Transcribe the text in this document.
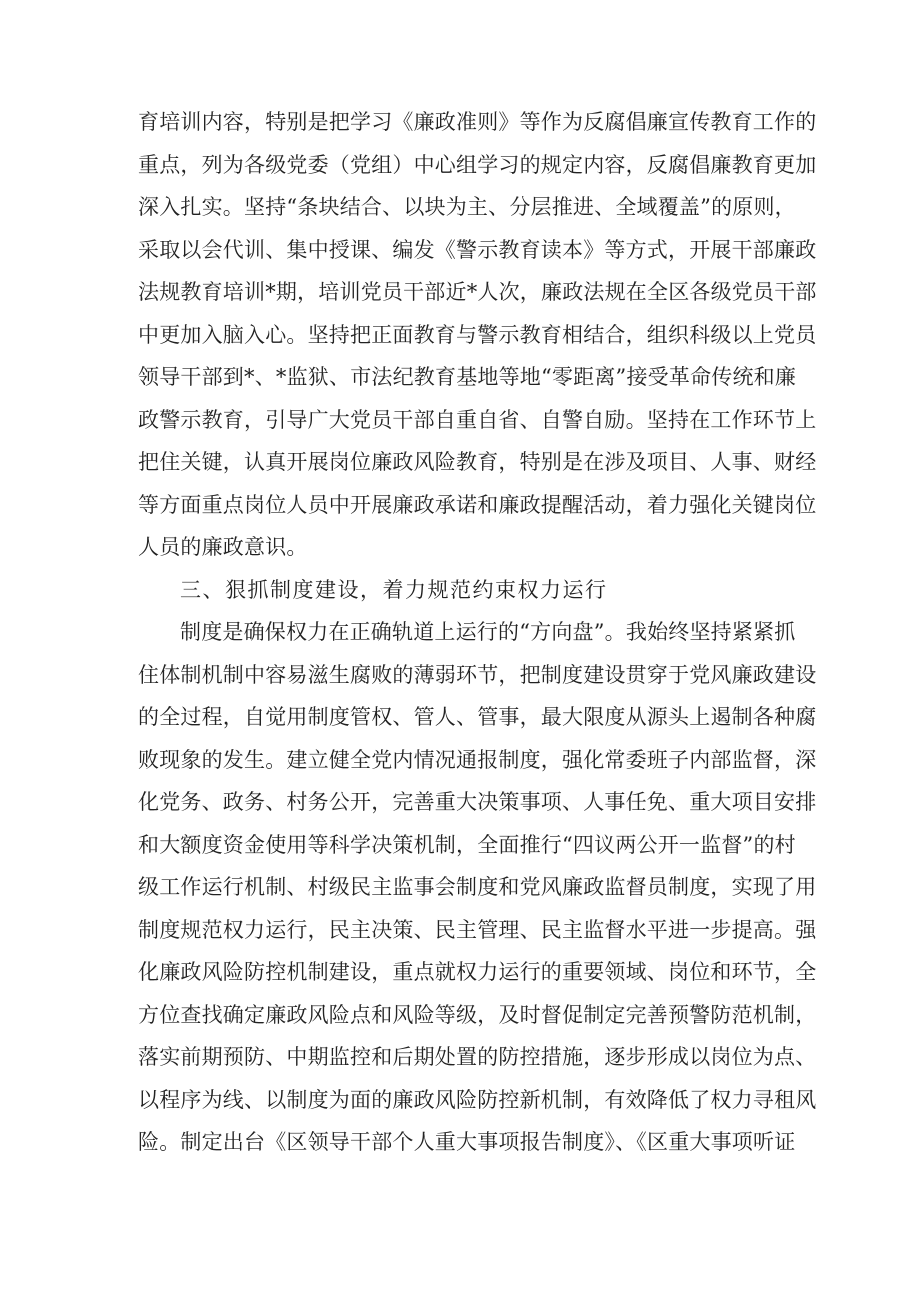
育培训内容，特别是把学习《廉政准则》等作为反腐倡廉宣传教育工作的
重点，列为各级党委（党组）中心组学习的规定内容，反腐倡廉教育更加
深入扎实。坚持“条块结合、以块为主、分层推进、全域覆盖”的原则，
采取以会代训、集中授课、编发《警示教育读本》等方式，开展干部廉政
法规教育培训*期，培训党员干部近*人次，廉政法规在全区各级党员干部
中更加入脑入心。坚持把正面教育与警示教育相结合，组织科级以上党员
领导干部到*、*监狱、市法纪教育基地等地“零距离”接受革命传统和廉
政警示教育，引导广大党员干部自重自省、自警自励。坚持在工作环节上
把住关键，认真开展岗位廉政风险教育，特别是在涉及项目、人事、财经
等方面重点岗位人员中开展廉政承诺和廉政提醒活动，着力强化关键岗位
人员的廉政意识。
三、狠抓制度建设，着力规范约束权力运行
制度是确保权力在正确轨道上运行的“方向盘”。我始终坚持紧紧抓
住体制机制中容易滋生腐败的薄弱环节，把制度建设贯穿于党风廉政建设
的全过程，自觉用制度管权、管人、管事，最大限度从源头上遏制各种腐
败现象的发生。建立健全党内情况通报制度，强化常委班子内部监督，深
化党务、政务、村务公开，完善重大决策事项、人事任免、重大项目安排
和大额度资金使用等科学决策机制，全面推行“四议两公开一监督”的村
级工作运行机制、村级民主监事会制度和党风廉政监督员制度，实现了用
制度规范权力运行，民主决策、民主管理、民主监督水平进一步提高。强
化廉政风险防控机制建设，重点就权力运行的重要领域、岗位和环节，全
方位查找确定廉政风险点和风险等级，及时督促制定完善预警防范机制，
落实前期预防、中期监控和后期处置的防控措施，逐步形成以岗位为点、
以程序为线、以制度为面的廉政风险防控新机制，有效降低了权力寻租风
险。制定出台《区领导干部个人重大事项报告制度》、《区重大事项听证
